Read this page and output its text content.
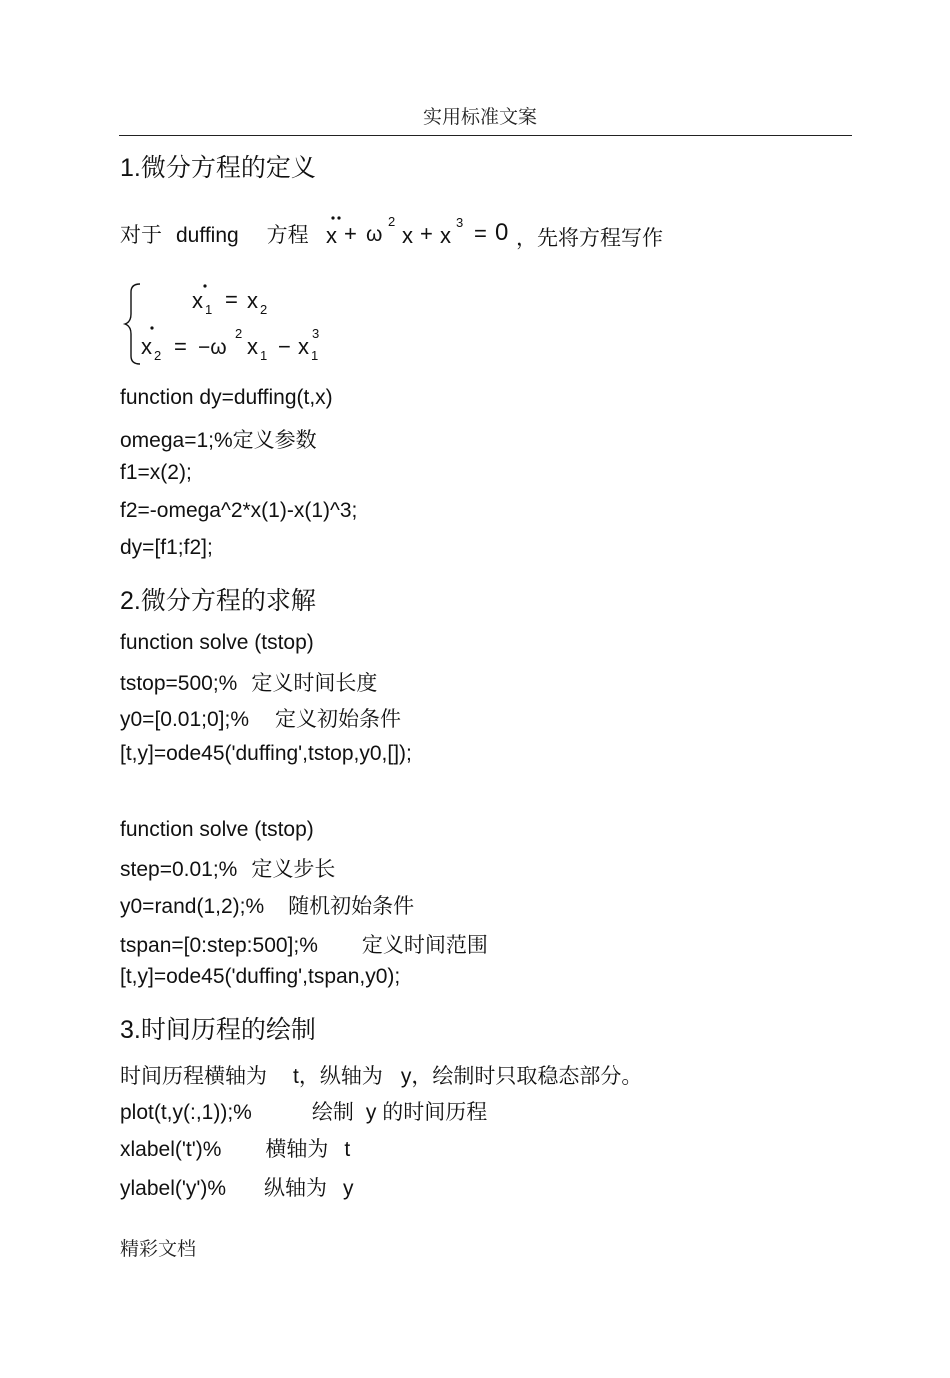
实用标准文案
1.微分方程的定义
对于 duffing 方程 x + ω
2
x + x
3 = 0 ，先将方程写作
x 1 = x 2
x 2 = −ω
2
x 1 − x 1
3
function dy=duffing(t,x)
omega=1;%定义参数
f1=x(2);
f2=-omega^2*x(1)-x(1)^3;
dy=[f1;f2];
2.微分方程的求解
function solve (tstop)
tstop=500;% 定义时间长度
y0=[0.01;0];% 定义初始条件
[t,y]=ode45('duffing',tstop,y0,[]);
function solve (tstop)
step=0.01;% 定义步长
y0=rand(1,2);% 随机初始条件
tspan=[0:step:500];% 定义时间范围
[t,y]=ode45('duffing',tspan,y0);
3.时间历程的绘制
时间历程横轴为 t，纵轴为 y，绘制时只取稳态部分。
plot(t,y(:,1));%	绘制 y 的时间历程
xlabel('t')% 横轴为 t
ylabel('y')% 纵轴为 y
精彩文档
